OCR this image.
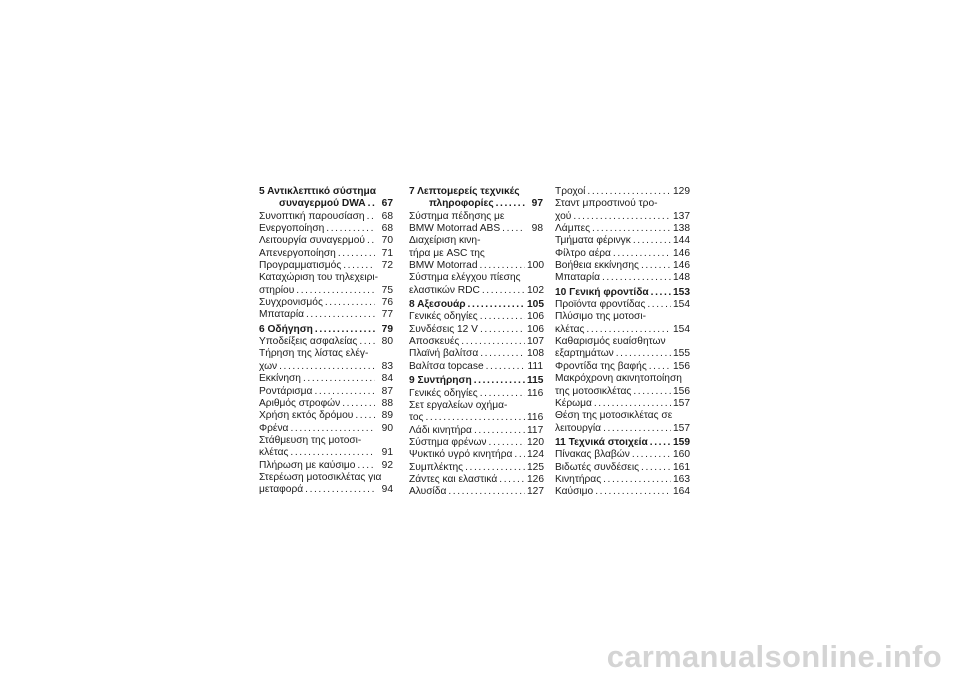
5 Αντικλεπτικό σύστημα
συναγερμού DWA .....	67
Συνοπτική παρουσίαση .....	68
Ενεργοποίηση .....	68
Λειτουργία συναγερμού .....	70
Απενεργοποίηση .....	71
Προγραμματισμός .....	72
Καταχώριση του τηλεχειρι-
στηρίου .....	75
Συγχρονισμός .....	76
Μπαταρία .....	77
6 Οδήγηση .....	79
Υποδείξεις ασφαλείας .....	80
Τήρηση της λίστας ελέγ-
χων .....	83
Εκκίνηση .....	84
Ροντάρισμα .....	87
Αριθμός στροφών .....	88
Χρήση εκτός δρόμου .....	89
Φρένα .....	90
Στάθμευση της μοτοσι-
κλέτας .....	91
Πλήρωση με καύσιμο .....	92
Στερέωση μοτοσικλέτας για
μεταφορά .....	94
7 Λεπτομερείς τεχνικές
πληροφορίες .....	97
Σύστημα πέδησης με
BMW Motorrad ABS .....	98
Διαχείριση κινη-
τήρα με ASC της
BMW Motorrad .....	100
Σύστημα ελέγχου πίεσης
ελαστικών RDC .....	102
8 Αξεσουάρ .....	105
Γενικές οδηγίες .....	106
Συνδέσεις 12 V .....	106
Αποσκευές .....	107
Πλαϊνή βαλίτσα .....	108
Βαλίτσα topcase .....	111
9 Συντήρηση .....	115
Γενικές οδηγίες .....	116
Σετ εργαλείων οχήμα-
τος .....	116
Λάδι κινητήρα .....	117
Σύστημα φρένων .....	120
Ψυκτικό υγρό κινητήρα ..... 124
Συμπλέκτης .....	125
Ζάντες και ελαστικά .....	126
Αλυσίδα .....	127
Τροχοί .....	129
Σταντ μπροστινού τρο-
χού .....	137
Λάμπες .....	138
Τμήματα φέρινγκ .....	144
Φίλτρο αέρα .....	146
Βοήθεια εκκίνησης .....	146
Μπαταρία .....	148
10 Γενική φροντίδα ..... 153
Προϊόντα φροντίδας .....	154
Πλύσιμο της μοτοσι-
κλέτας .....	154
Καθαρισμός ευαίσθητων
εξαρτημάτων .....	155
Φροντίδα της βαφής .....	156
Μακρόχρονη ακινητοποίηση
της μοτοσικλέτας .....	156
Κέρωμα .....	157
Θέση της μοτοσικλέτας σε
λειτουργία .....	157
11 Τεχνικά στοιχεία ..... 159
Πίνακας βλαβών .....	160
Βιδωτές συνδέσεις .....	161
Κινητήρας .....	163
Καύσιμο .....	164
carmanualsonline.info
